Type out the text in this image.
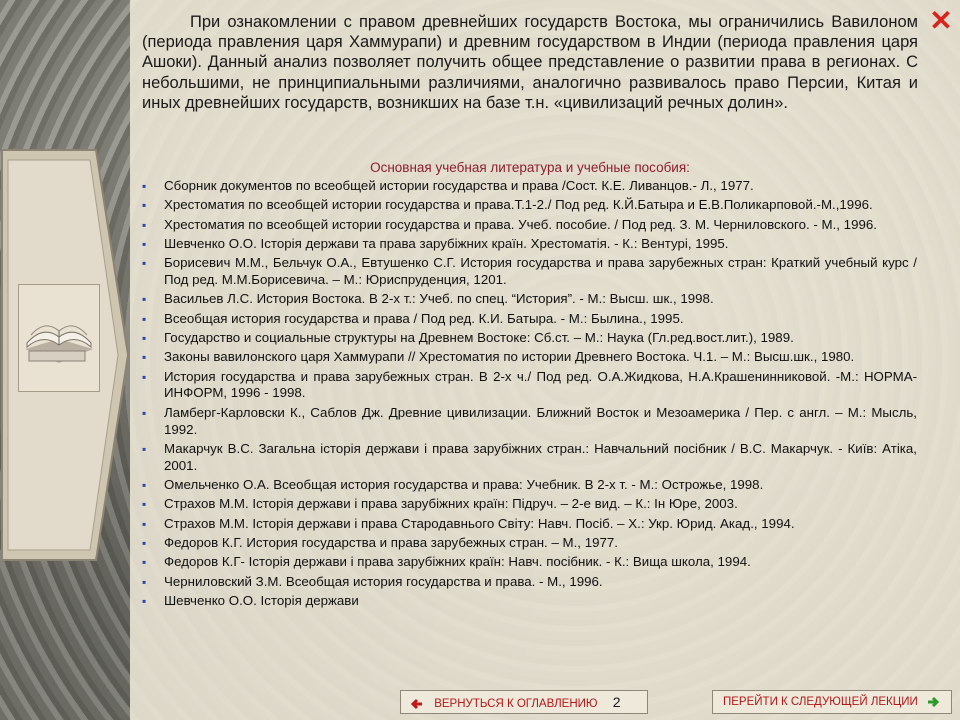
✕

При ознакомлении с правом древнейших государств Востока, мы ограничились Вавилоном (периода правления царя Хаммурапи) и древним государством в Индии (периода правления царя Ашоки). Данный анализ позволяет получить общее представление о развитии права в регионах. С небольшими, не принципиальными различиями, аналогично развивалось право Персии, Китая и иных древнейших государств, возникших на базе т.н. «цивилизаций речных долин».

Основная учебная литература и учебные пособия:

▪ Сборник документов по всеобщей истории государства и права /Сост. К.Е. Ливанцов.- Л., 1977.
▪ Хрестоматия по всеобщей истории государства и права.Т.1-2./ Под ред. К.Й.Батыра и Е.В.Поликарповой.-М.,1996.
▪ Хрестоматия по всеобщей истории государства и права. Учеб. пособие. / Под ред. З. М. Черниловского. - М., 1996.
▪ Шевченко О.О. Історія держави та права зарубіжних країн. Хрестоматія. - К.: Вентурі, 1995.
▪ Борисевич М.М., Бельчук О.А., Евтушенко С.Г. История государства и права зарубежных стран: Краткий учебный курс / Под ред. М.М.Борисевича. – М.: Юриспруденция, 1201.
▪ Васильев Л.С. История Востока. В 2-х т.: Учеб. по спец. “История”. - М.: Высш. шк., 1998.
▪ Всеобщая история государства и права / Под ред. К.И. Батыра. - М.: Былина., 1995.
▪ Государство и социальные структуры на Древнем Востоке: Сб.ст. – М.: Наука (Гл.ред.вост.лит.), 1989.
▪ Законы вавилонского царя Хаммурапи // Хрестоматия по истории Древнего Востока. Ч.1. – М.: Высш.шк., 1980.
▪ История государства и права зарубежных стран. В 2-х ч./ Под ред. О.А.Жидкова, Н.А.Крашенинниковой. -М.: НОРМА-ИНФОРМ, 1996 - 1998.
▪ Ламберг-Карловски К., Саблов Дж. Древние цивилизации. Ближний Восток и Мезоамерика / Пер. с англ. – М.: Мысль, 1992.
▪ Макарчук В.С. Загальна історія держави і права зарубіжних стран.: Навчальний посібник / В.С. Макарчук. - Київ: Атіка, 2001.
▪ Омельченко О.А. Всеобщая история государства и права: Учебник. В 2-х т. - М.: Острожье, 1998.
▪ Страхов М.М. Історія держави і права зарубіжних країн: Підруч. – 2-е вид. – К.: Ін Юре, 2003.
▪ Страхов М.М. Історія держави і права Стародавнього Світу: Навч. Посіб. – Х.: Укр. Юрид. Акад., 1994.
▪ Федоров К.Г. История государства и права зарубежных стран. – М., 1977.
▪ Федоров К.Г- Історія держави і права зарубіжних країн: Навч. посібник. - К.: Вища школа, 1994.
▪ Черниловский З.М. Всеобщая история государства и права. - М., 1996.
▪ Шевченко О.О. Історія держави
ВЕРНУТЬСЯ К ОГЛАВЛЕНИЮ 2	ПЕРЕЙТИ К СЛЕДУЮЩЕЙ ЛЕКЦИИ
